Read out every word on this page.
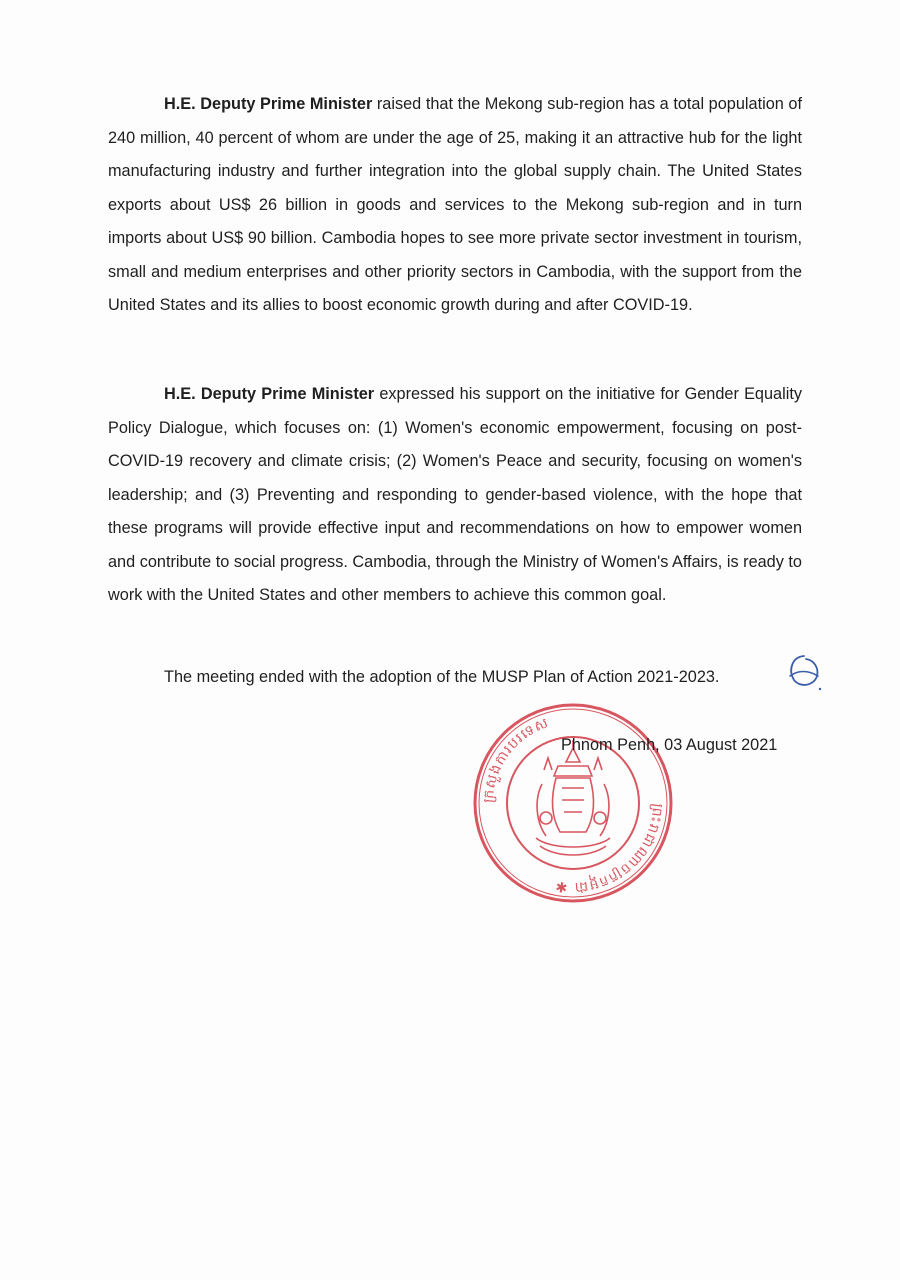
H.E. Deputy Prime Minister raised that the Mekong sub-region has a total population of 240 million, 40 percent of whom are under the age of 25, making it an attractive hub for the light manufacturing industry and further integration into the global supply chain. The United States exports about US$ 26 billion in goods and services to the Mekong sub-region and in turn imports about US$ 90 billion. Cambodia hopes to see more private sector investment in tourism, small and medium enterprises and other priority sectors in Cambodia, with the support from the United States and its allies to boost economic growth during and after COVID-19.

H.E. Deputy Prime Minister expressed his support on the initiative for Gender Equality Policy Dialogue, which focuses on: (1) Women's economic empowerment, focusing on post-COVID-19 recovery and climate crisis; (2) Women's Peace and security, focusing on women's leadership; and (3) Preventing and responding to gender-based violence, with the hope that these programs will provide effective input and recommendations on how to empower women and contribute to social progress. Cambodia, through the Ministry of Women's Affairs, is ready to work with the United States and other members to achieve this common goal.

The meeting ended with the adoption of the MUSP Plan of Action 2021-2023.
ក្រសួងការបរទេស
ព្រះរាជាណាចក្រកម្ពុជា ✱
Phnom Penh, 03 August 2021
